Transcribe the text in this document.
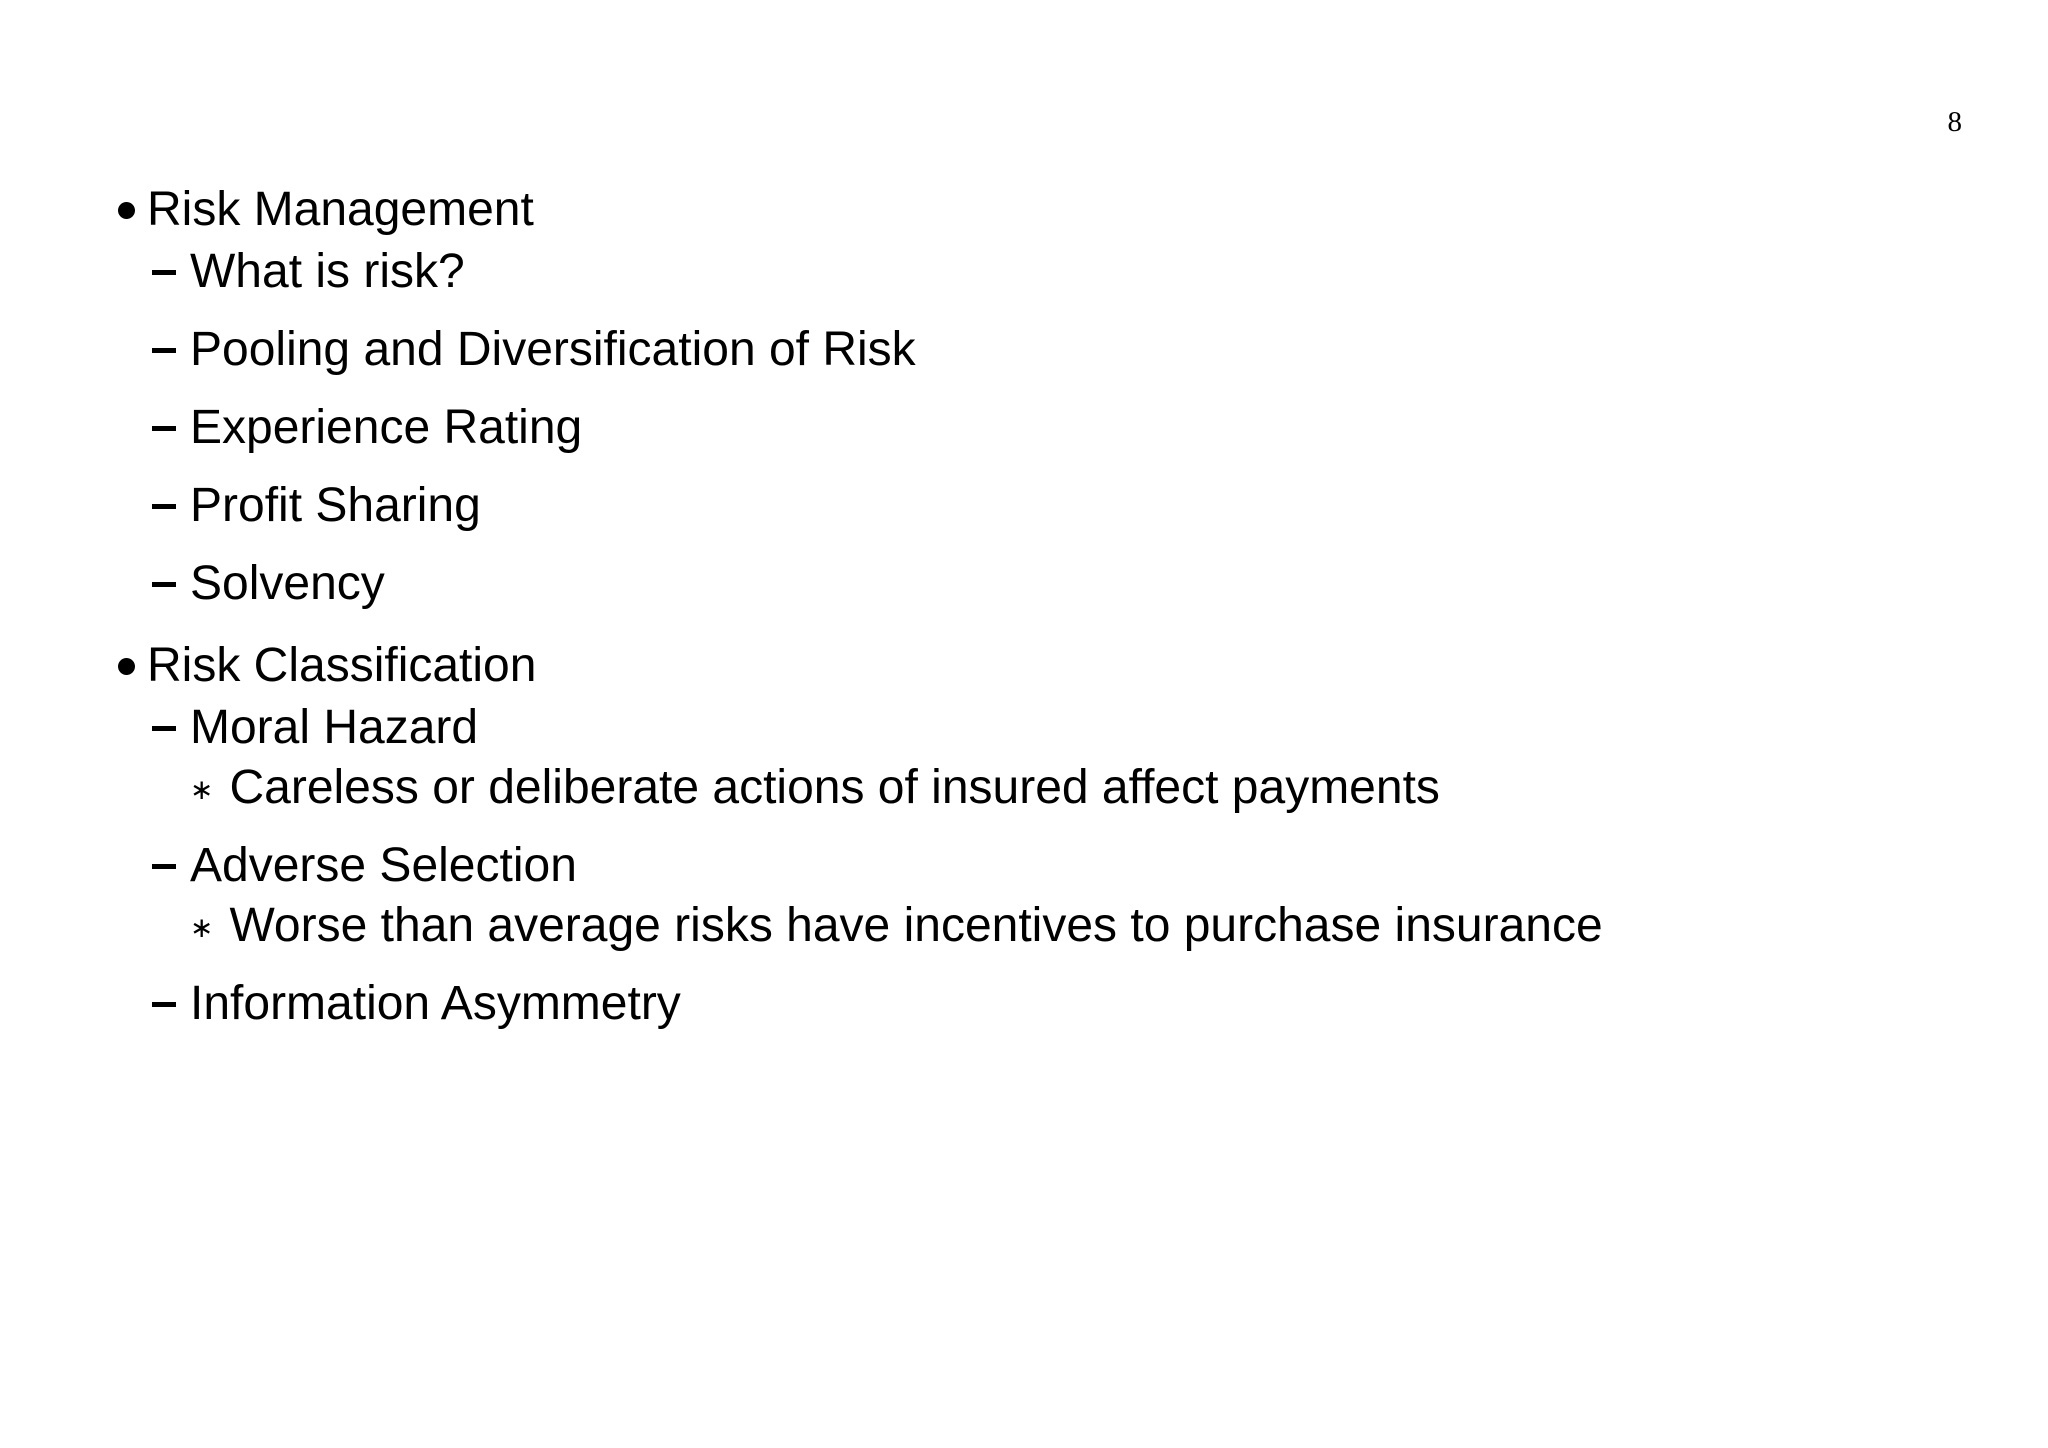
8
Risk Management
What is risk?
Pooling and Diversification of Risk
Experience Rating
Profit Sharing
Solvency
Risk Classification
Moral Hazard
∗ Careless or deliberate actions of insured affect payments
Adverse Selection
∗ Worse than average risks have incentives to purchase insurance
Information Asymmetry
